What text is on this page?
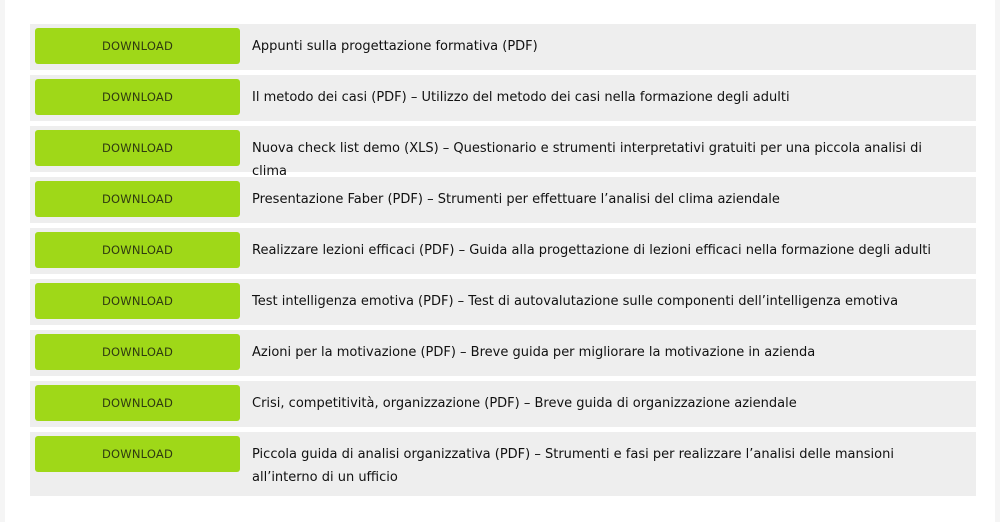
DOWNLOAD	Appunti sulla progettazione formativa (PDF)
DOWNLOAD	Il metodo dei casi (PDF) – Utilizzo del metodo dei casi nella formazione degli adulti
DOWNLOAD	Nuova check list demo (XLS) – Questionario e strumenti interpretativi gratuiti per una piccola analisi di clima
DOWNLOAD	Presentazione Faber (PDF) – Strumenti per effettuare l’analisi del clima aziendale
DOWNLOAD	Realizzare lezioni efficaci (PDF) – Guida alla progettazione di lezioni efficaci nella formazione degli adulti
DOWNLOAD	Test intelligenza emotiva (PDF) – Test di autovalutazione sulle componenti dell’intelligenza emotiva
DOWNLOAD	Azioni per la motivazione (PDF) – Breve guida per migliorare la motivazione in azienda
DOWNLOAD	Crisi, competitività, organizzazione (PDF) – Breve guida di organizzazione aziendale
DOWNLOAD	Piccola guida di analisi organizzativa (PDF) – Strumenti e fasi per realizzare l’analisi delle mansioni all’interno di un ufficio
